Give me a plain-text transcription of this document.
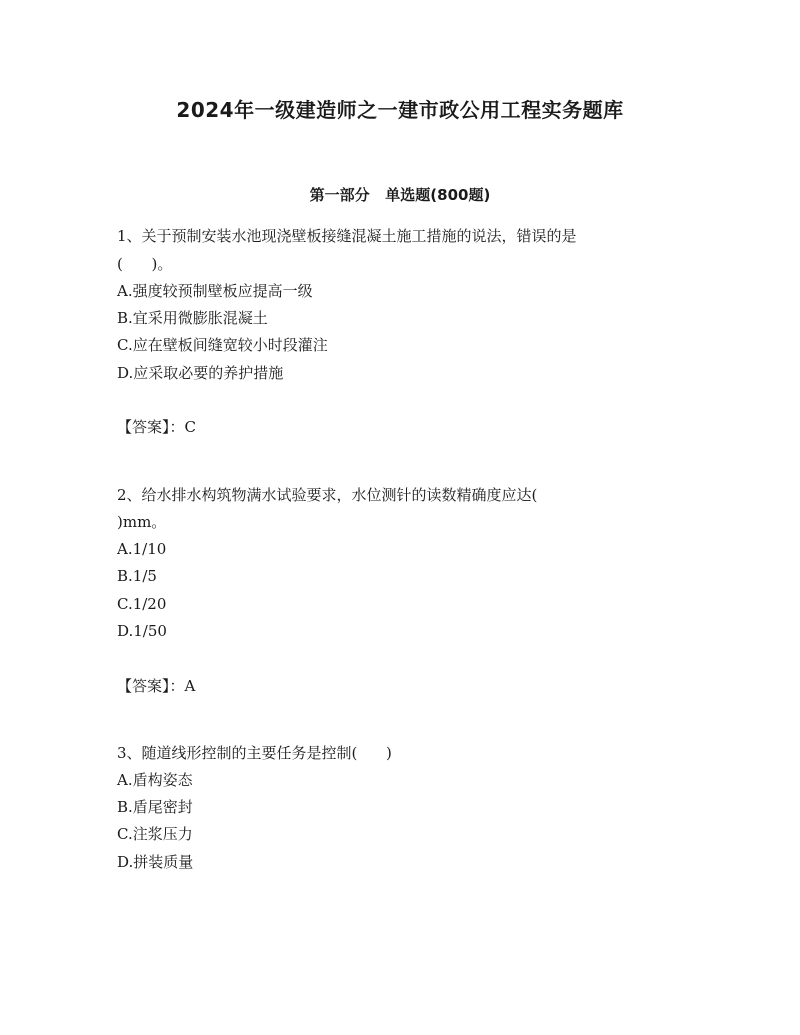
2024年一级建造师之一建市政公用工程实务题库
第一部分   单选题(800题)
1、关于预制安装水池现浇壁板接缝混凝土施工措施的说法，错误的是
(      )。
A.强度较预制壁板应提高一级
B.宜采用微膨胀混凝土
C.应在壁板间缝宽较小时段灌注
D.应采取必要的养护措施
【答案】：C
2、给水排水构筑物满水试验要求，水位测针的读数精确度应达(
)mm。
A.1/10
B.1/5
C.1/20
D.1/50
【答案】：A
3、随道线形控制的主要任务是控制(      )
A.盾构姿态
B.盾尾密封
C.注浆压力
D.拼装质量
